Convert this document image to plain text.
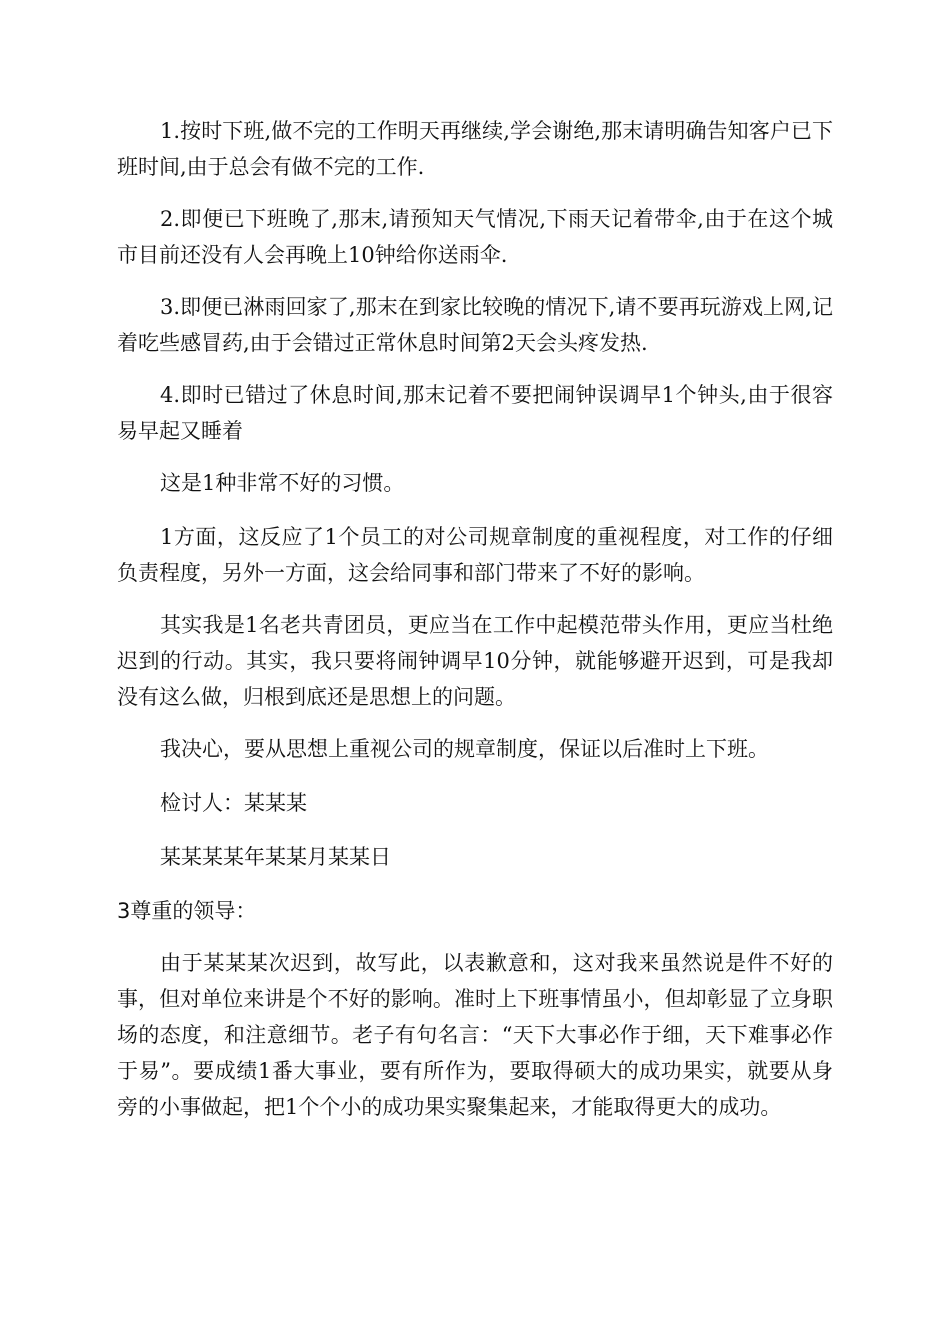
1.按时下班,做不完的工作明天再继续,学会谢绝,那末请明确告知客户已下班时间,由于总会有做不完的工作.

2.即便已下班晚了,那末,请预知天气情况,下雨天记着带伞,由于在这个城市目前还没有人会再晚上10钟给你送雨伞.

3.即便已淋雨回家了,那末在到家比较晚的情况下,请不要再玩游戏上网,记着吃些感冒药,由于会错过正常休息时间第2天会头疼发热.

4.即时已错过了休息时间,那末记着不要把闹钟误调早1个钟头,由于很容易早起又睡着

这是1种非常不好的习惯。

1方面，这反应了1个员工的对公司规章制度的重视程度，对工作的仔细负责程度，另外一方面，这会给同事和部门带来了不好的影响。

其实我是1名老共青团员，更应当在工作中起模范带头作用，更应当杜绝迟到的行动。其实，我只要将闹钟调早10分钟，就能够避开迟到，可是我却没有这么做，归根到底还是思想上的问题。

我决心，要从思想上重视公司的规章制度，保证以后准时上下班。

检讨人：某某某

某某某某年某某月某某日

3尊重的领导：

由于某某某次迟到，故写此，以表歉意和，这对我来虽然说是件不好的事，但对单位来讲是个不好的影响。准时上下班事情虽小，但却彰显了立身职场的态度，和注意细节。老子有句名言：“天下大事必作于细，天下难事必作于易”。要成绩1番大事业，要有所作为，要取得硕大的成功果实，就要从身旁的小事做起，把1个个小的成功果实聚集起来，才能取得更大的成功。
